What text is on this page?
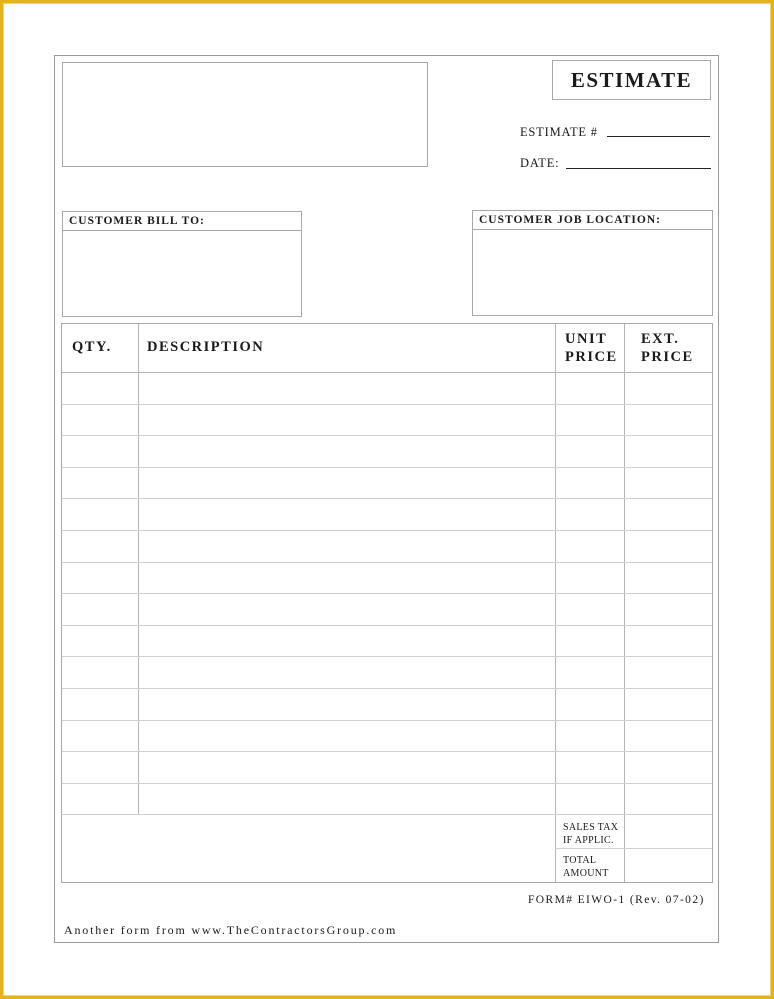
ESTIMATE
ESTIMATE #
DATE:
CUSTOMER BILL TO:	CUSTOMER JOB LOCATION:
QTY. DESCRIPTION	UNIT
PRICE
EXT.
PRICE
SALES TAX
IF APPLIC.
TOTAL
AMOUNT
FORM# EIWO-1 (Rev. 07-02)
Another form from www.TheContractorsGroup.com
